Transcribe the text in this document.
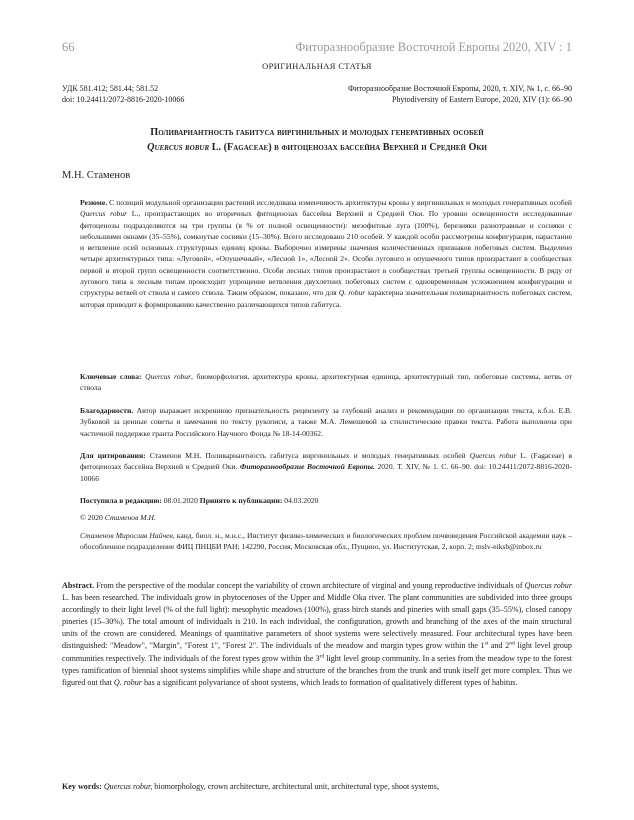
66	Фиторазнообразие Восточной Европы 2020, XIV : 1
ОРИГИНАЛЬНАЯ СТАТЬЯ
УДК 581.412; 581.44; 581.52
doi: 10.24411/2072-8816-2020-10066
Фиторазнообразие Восточной Европы, 2020, т. XIV, № 1, с. 66–90
Phytodiversity of Eastern Europe, 2020, XIV (1): 66–90
Поливариантность габитуса виргинильных и молодых генеративных особей
Quercus robur L. (Fagaceae) в фитоценозах бассейна Верхней и Средней Оки
М.Н. Стаменов
Резюме. С позиций модульной организации растений исследована изменчивость архитектуры кроны у виргинильных и молодых генеративных особей Quercus robur L., произрастающих во вторичных фитоценозах бассейна Верхней и Средней Оки. По уровню освещенности исследованные фитоценозы подразделяются на три группы (в % от полной освещенности): мезофитные луга (100%), березняки разнотравные и сосняки с небольшими окнами (35–55%), сомкнутые сосняки (15–30%). Всего исследовано 210 особей. У каждой особи рассмотрены конфигурация, нарастание и ветвление осей основных структурных единиц кроны. Выборочно измерены значения количественных признаков побеговых систем. Выделено четыре архитектурных типа: «Луговой», «Опушечный», «Лесной 1», «Лесной 2». Особи лугового и опушечного типов произрастают в сообществах первой и второй групп освещенности соответственно. Особи лесных типов произрастают в сообществах третьей группы освещенности. В ряду от лугового типа к лесным типам происходит упрощение ветвления двухлетних побеговых систем с одновременным усложнением конфигурации и структуры ветвей от ствола и самого ствола. Таким образом, показано, что для Q. robur характерна значительная поливариантность побеговых систем, которая приводит к формированию качественно различающихся типов габитуса.
Ключевые слова: Quercus robur, биоморфология, архитектура кроны, архитектурная единица, архитектурный тип, побеговые системы, ветвь от ствола
Благодарности. Автор выражает искреннюю признательность рецензенту за глубокий анализ и рекомендации по организации текста, к.б.н. Е.В. Зубковой за ценные советы и замечания по тексту рукописи, а также М.А. Лемешевой за стилистические правки текста. Работа выполнена при частичной поддержке гранта Российского Научного Фонда № 18-14-00362.
Для цитирования: Стаменов М.Н. Поливариантность габитуса виргинильных и молодых генеративных особей Quercus robur L. (Fagaceae) в фитоценозах бассейна Верхней и Средней Оки. Фиторазнообразие Восточной Европы. 2020. T. XIV, № 1. С. 66–90. doi: 10.24411/2072-8816-2020-10066
Поступила в редакцию: 08.01.2020 Принято к публикации: 04.03.2020
© 2020 Стаменов М.Н.
Стаменов Мирослав Найчев, канд. биол. н., м.н.с., Институт физико-химических и биологических проблем почвоведения Российской академии наук – обособленное подразделение ФИЦ ПНЦБИ РАН; 142290, Россия, Московская обл., Пущино, ул. Институтская, 2, корп. 2; mslv-eiksb@inbox.ru
Abstract. From the perspective of the modular concept the variability of crown architecture of virginal and young reproductive individuals of Quercus robur L. has been researched. The individuals grow in phytocenoses of the Upper and Middle Oka river. The plant communities are subdivided into three groups accordingly to their light level (% of the full light): mesophytic meadows (100%), grass birch stands and pineries with small gaps (35–55%), closed canopy pineries (15–30%). The total amount of individuals is 210. In each individual, the configuration, growth and branching of the axes of the main structural units of the crown are considered. Meanings of quantitative parameters of shoot systems were selectively measured. Four architectural types have been distinguished: "Meadow", "Margin", "Forest 1", "Forest 2". The individuals of the meadow and margin types grow within the 1st and 2nd light level group communities respectively. The individuals of the forest types grow within the 3rd light level group community. In a series from the meadow type to the forest types ramification of biennial shoot systems simplifies while shape and structure of the branches from the trunk and trunk itself get more complex. Thus we figured out that Q. robur has a significant polyvariance of shoot systems, which leads to formation of qualitatively different types of habitus.
Key words: Quercus robur, biomorphology, crown architecture, architectural unit, architectural type, shoot systems,
